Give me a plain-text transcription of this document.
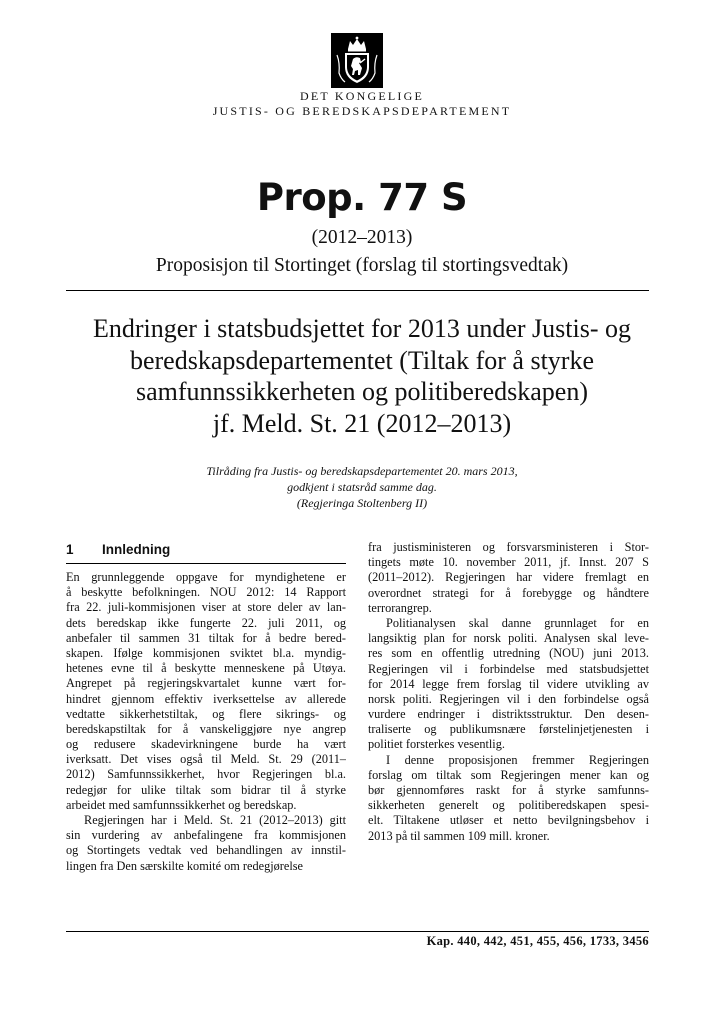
DET KONGELIGE
JUSTIS- OG BEREDSKAPSDEPARTEMENT
Prop. 77 S
(2012–2013)
Proposisjon til Stortinget (forslag til stortingsvedtak)
Endringer i statsbudsjettet for 2013 under Justis- og
beredskapsdepartementet (Tiltak for å styrke
samfunnssikkerheten og politiberedskapen)
jf. Meld. St. 21 (2012–2013)
Tilråding fra Justis- og beredskapsdepartementet 20. mars 2013,
godkjent i statsråd samme dag.
(Regjeringa Stoltenberg II)
1 Innledning
En grunnleggende oppgave for myndighetene er
å beskytte befolkningen. NOU 2012: 14 Rapport
fra 22. juli-kommisjonen viser at store deler av lan-
dets beredskap ikke fungerte 22. juli 2011, og
anbefaler til sammen 31 tiltak for å bedre bered-
skapen. Ifølge kommisjonen sviktet bl.a. myndig-
hetenes evne til å beskytte menneskene på Utøya.
Angrepet på regjeringskvartalet kunne vært for-
hindret gjennom effektiv iverksettelse av allerede
vedtatte sikkerhetstiltak, og flere sikrings- og
beredskapstiltak for å vanskeliggjøre nye angrep
og redusere skadevirkningene burde ha vært
iverksatt. Det vises også til Meld. St. 29 (2011–
2012) Samfunnssikkerhet, hvor Regjeringen bl.a.
redegjør for ulike tiltak som bidrar til å styrke
arbeidet med samfunnssikkerhet og beredskap.
Regjeringen har i Meld. St. 21 (2012–2013) gitt
sin vurdering av anbefalingene fra kommisjonen
og Stortingets vedtak ved behandlingen av innstil-
lingen fra Den særskilte komité om redegjørelse
fra justisministeren og forsvarsministeren i Stor-
tingets møte 10. november 2011, jf. Innst. 207 S
(2011–2012). Regjeringen har videre fremlagt en
overordnet strategi for å forebygge og håndtere
terrorangrep.
Politianalysen skal danne grunnlaget for en
langsiktig plan for norsk politi. Analysen skal leve-
res som en offentlig utredning (NOU) juni 2013.
Regjeringen vil i forbindelse med statsbudsjettet
for 2014 legge frem forslag til videre utvikling av
norsk politi. Regjeringen vil i den forbindelse også
vurdere endringer i distriktsstruktur. Den desen-
traliserte og publikumsnære førstelinjetjenesten i
politiet forsterkes vesentlig.
I denne proposisjonen fremmer Regjeringen
forslag om tiltak som Regjeringen mener kan og
bør gjennomføres raskt for å styrke samfunns-
sikkerheten generelt og politiberedskapen spesi-
elt. Tiltakene utløser et netto bevilgningsbehov i
2013 på til sammen 109 mill. kroner.
Kap. 440, 442, 451, 455, 456, 1733, 3456
